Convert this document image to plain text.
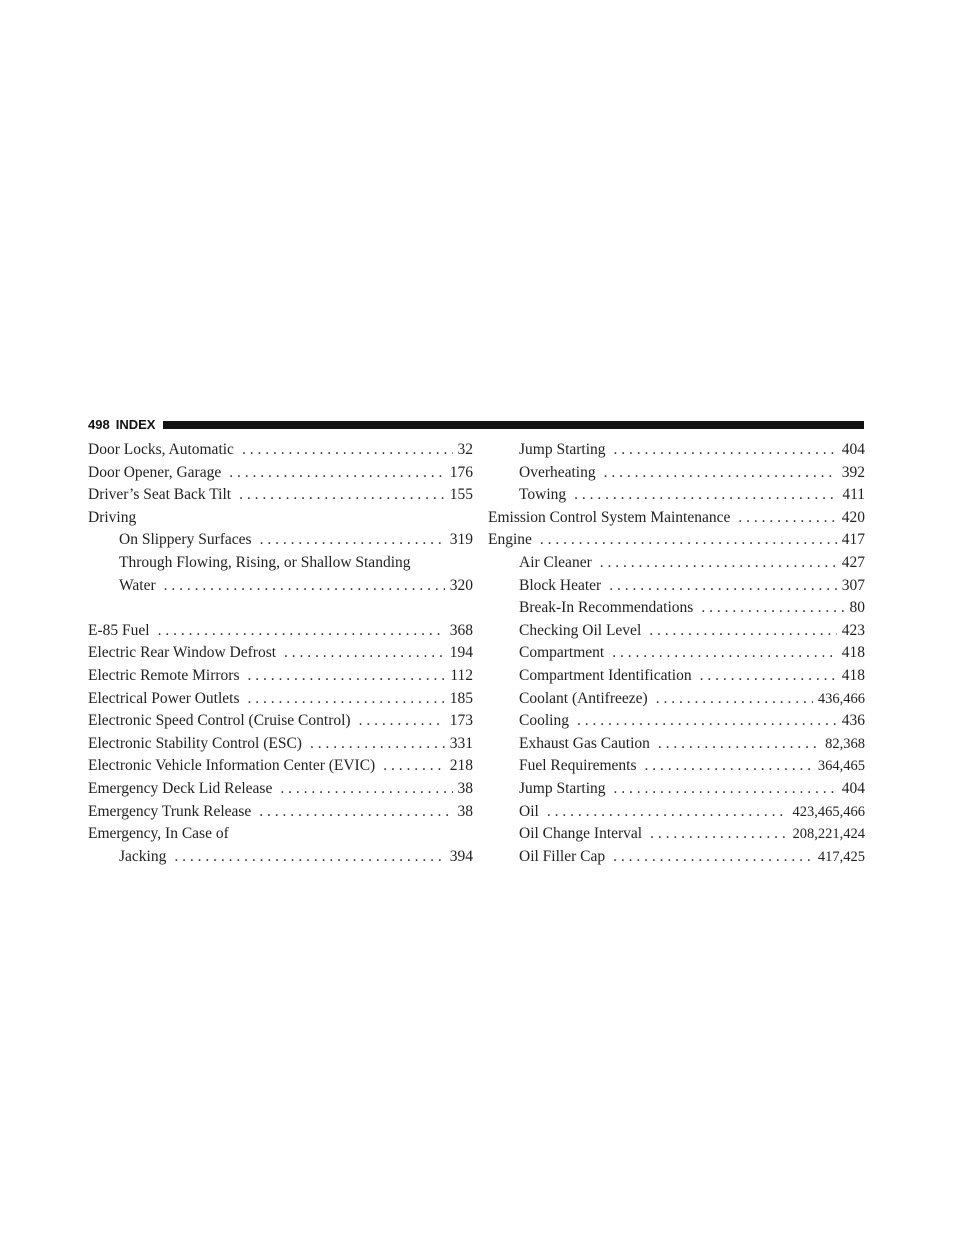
498 INDEX
Door Locks, Automatic . . .	32
Door Opener, Garage . . .	176
Driver’s Seat Back Tilt . . .	155
Driving
On Slippery Surfaces . . .	319
Through Flowing, Rising, or Shallow Standing
Water . . .	320
E-85 Fuel . . .	368
Electric Rear Window Defrost . . .	194
Electric Remote Mirrors . . .	112
Electrical Power Outlets . . .	185
Electronic Speed Control (Cruise Control) . . .	173
Electronic Stability Control (ESC) . . .	331
Electronic Vehicle Information Center (EVIC) . . .	218
Emergency Deck Lid Release . . .	38
Emergency Trunk Release . . .	38
Emergency, In Case of
Jacking . . .	394
Jump Starting . . .	404
Overheating . . .	392
Towing . . .	411
Emission Control System Maintenance . . .	420
Engine . . .	417
Air Cleaner . . .	427
Block Heater . . .	307
Break-In Recommendations . . .	80
Checking Oil Level . . .	423
Compartment . . .	418
Compartment Identification . . .	418
Coolant (Antifreeze) . . .	436,466
Cooling . . .	436
Exhaust Gas Caution . . .	82,368
Fuel Requirements . . .	364,465
Jump Starting . . .	404
Oil . . .	423,465,466
Oil Change Interval . . .	208,221,424
Oil Filler Cap . . .	417,425
